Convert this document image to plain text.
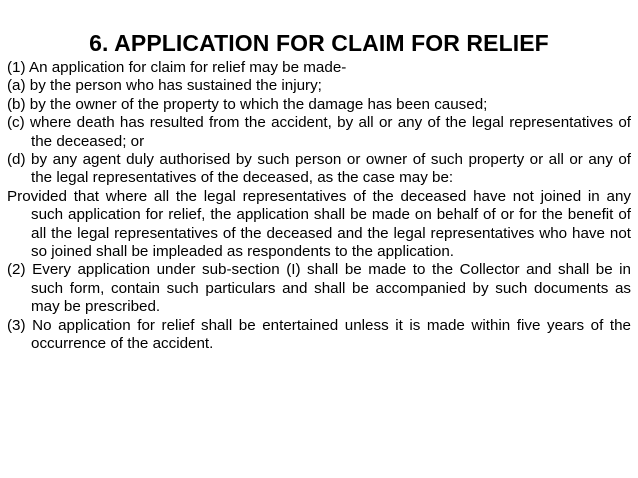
6. APPLICATION FOR CLAIM FOR RELIEF

(1) An application for claim for relief may be made-

(a) by the person who has sustained the injury;

(b) by the owner of the property to which the damage has been caused;

(c) where death has resulted from the accident, by all or any of the legal representatives of the deceased; or

(d) by any agent duly authorised by such person or owner of such property or all or any of the legal representatives of the deceased, as the case may be:

Provided that where all the legal representatives of the deceased have not joined in any such application for relief, the application shall be made on behalf of or for the benefit of all the legal representatives of the deceased and the legal representatives who have not so joined shall be impleaded as respondents to the application.

(2) Every application under sub-section (I) shall be made to the Collector and shall be in such form, contain such particulars and shall be accompanied by such documents as may be prescribed.

(3) No application for relief shall be entertained unless it is made within five years of the occurrence of the accident.
